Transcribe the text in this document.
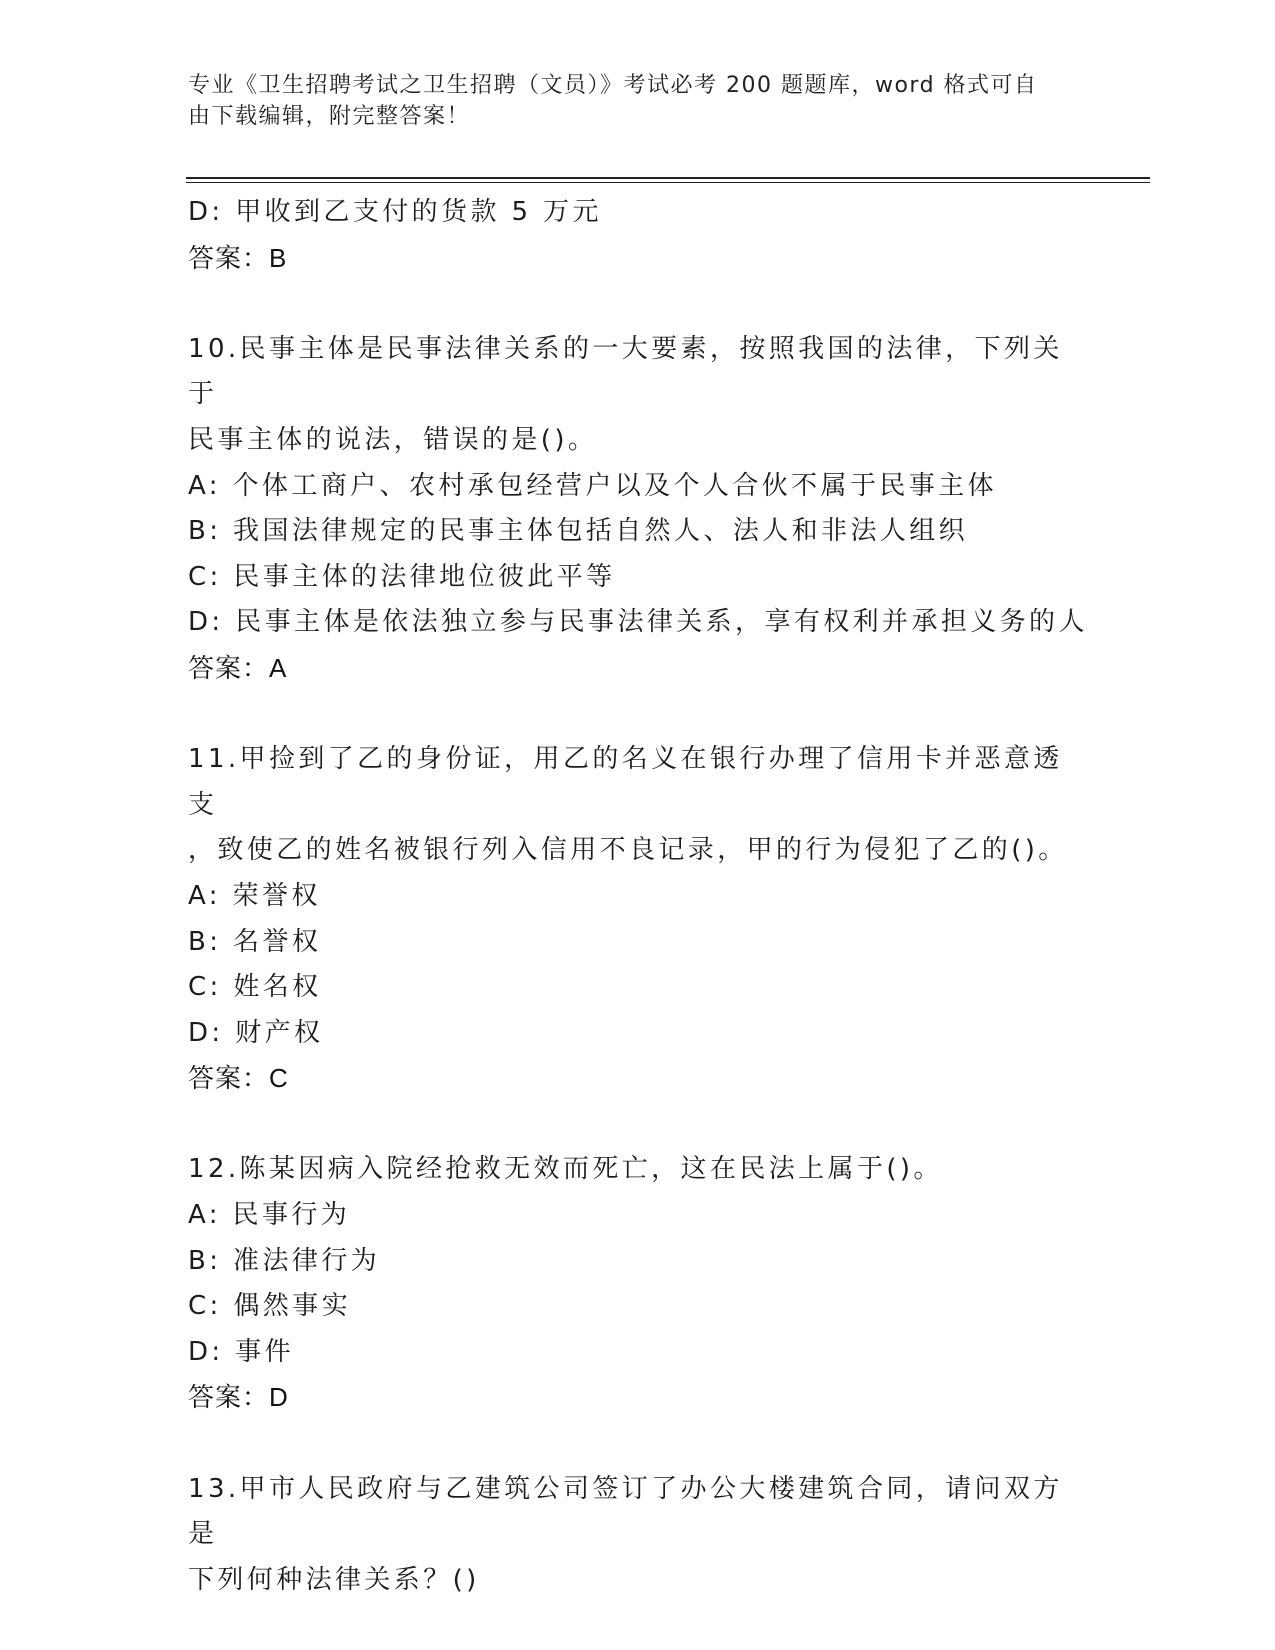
专业《卫生招聘考试之卫生招聘（文员）》考试必考 200 题题库，word 格式可自
由下载编辑，附完整答案！
D: 甲收到乙支付的货款 5 万元
答案：B
10.民事主体是民事法律关系的一大要素，按照我国的法律，下列关于
民事主体的说法，错误的是()。
A: 个体工商户、农村承包经营户以及个人合伙不属于民事主体
B: 我国法律规定的民事主体包括自然人、法人和非法人组织
C: 民事主体的法律地位彼此平等
D: 民事主体是依法独立参与民事法律关系，享有权利并承担义务的人
答案：A
11.甲捡到了乙的身份证，用乙的名义在银行办理了信用卡并恶意透支
，致使乙的姓名被银行列入信用不良记录，甲的行为侵犯了乙的()。
A: 荣誉权
B: 名誉权
C: 姓名权
D: 财产权
答案：C
12.陈某因病入院经抢救无效而死亡，这在民法上属于()。
A: 民事行为
B: 准法律行为
C: 偶然事实
D: 事件
答案：D
13.甲市人民政府与乙建筑公司签订了办公大楼建筑合同，请问双方是
下列何种法律关系？()
